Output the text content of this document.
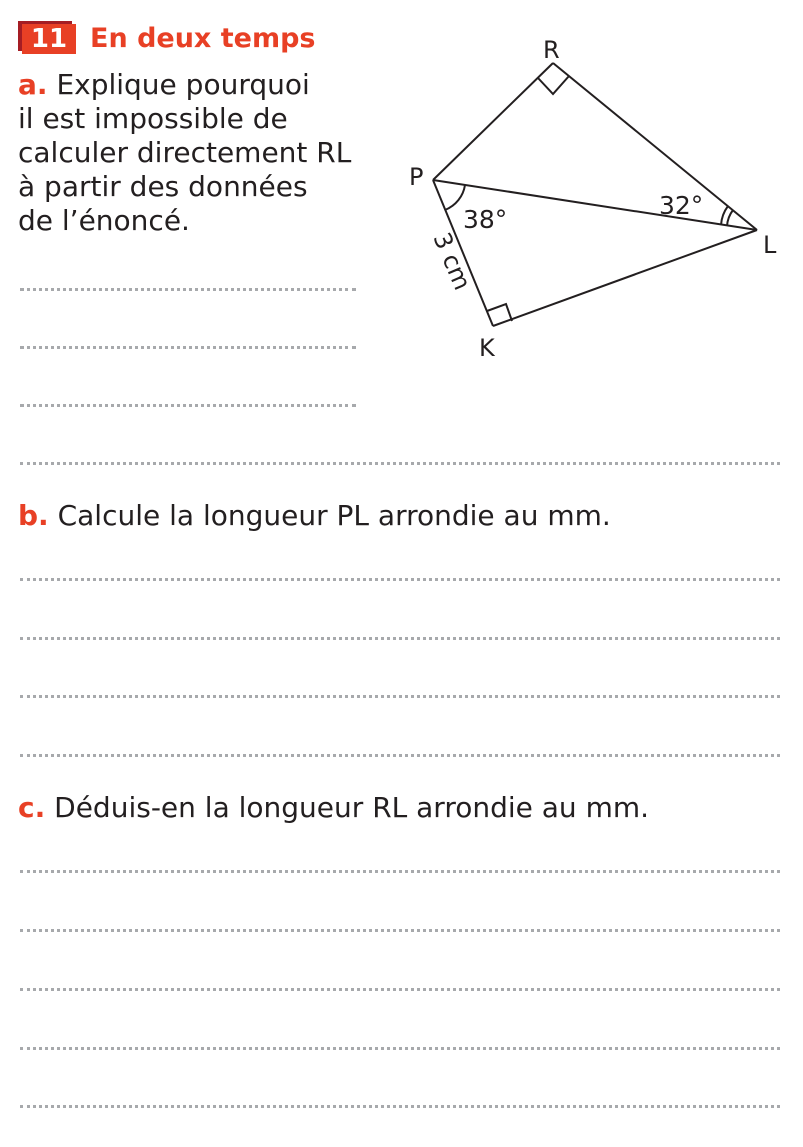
11 En deux temps
a. Explique pourquoi
il est impossible de
calculer directement RL
à partir des données
de l’énoncé.
b. Calcule la longueur PL arrondie au mm.
c. Déduis-en la longueur RL arrondie au mm.
R
P
L
K
38°	32°
3 cm
